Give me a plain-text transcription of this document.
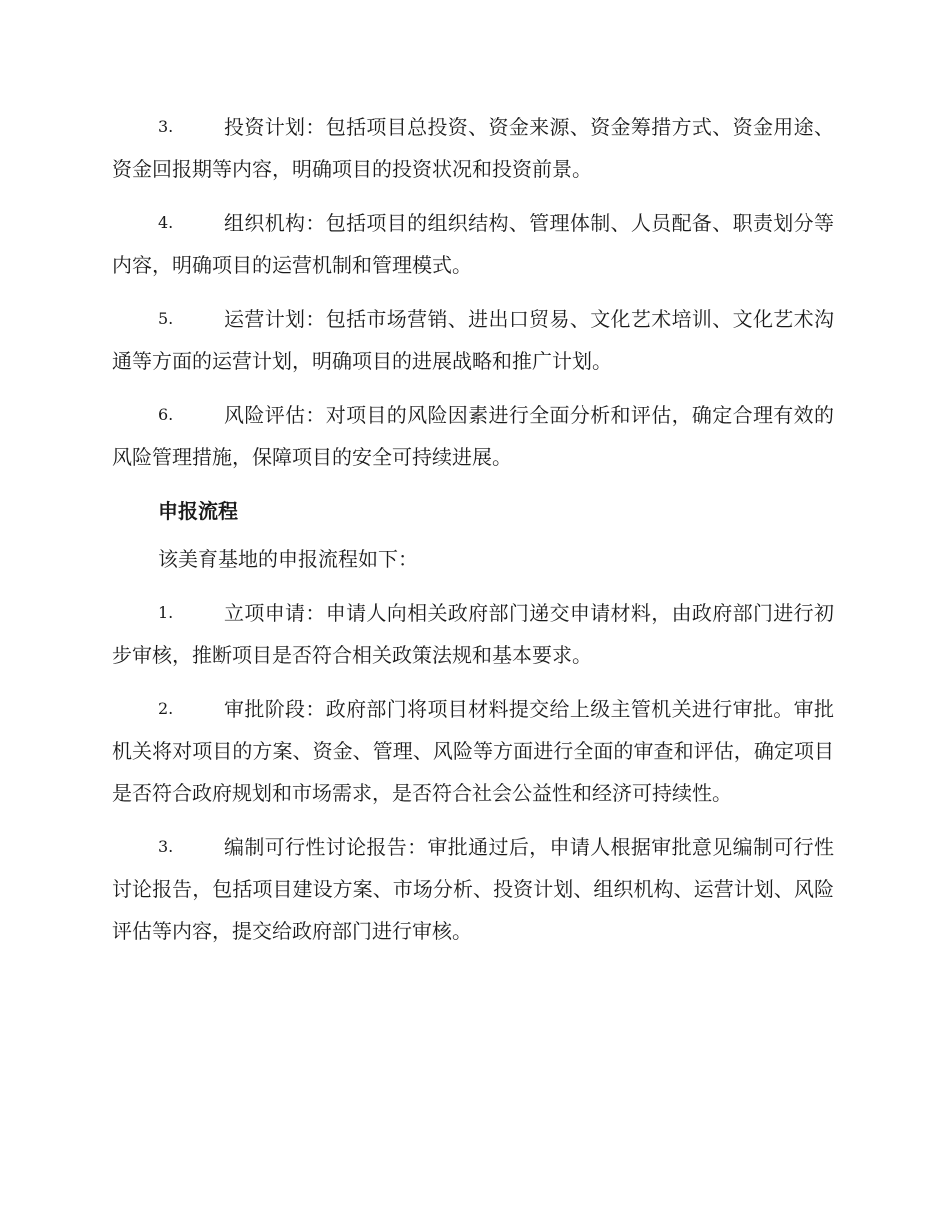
3.	投资计划：包括项目总投资、资金来源、资金筹措方式、资金用途、资金回报期等内容，明确项目的投资状况和投资前景。
4.	组织机构：包括项目的组织结构、管理体制、人员配备、职责划分等内容，明确项目的运营机制和管理模式。
5.	运营计划：包括市场营销、进出口贸易、文化艺术培训、文化艺术沟通等方面的运营计划，明确项目的进展战略和推广计划。
6.	风险评估：对项目的风险因素进行全面分析和评估，确定合理有效的风险管理措施，保障项目的安全可持续进展。
申报流程
该美育基地的申报流程如下：
1.	立项申请：申请人向相关政府部门递交申请材料，由政府部门进行初步审核，推断项目是否符合相关政策法规和基本要求。
2.	审批阶段：政府部门将项目材料提交给上级主管机关进行审批。审批机关将对项目的方案、资金、管理、风险等方面进行全面的审查和评估，确定项目是否符合政府规划和市场需求，是否符合社会公益性和经济可持续性。
3.	编制可行性讨论报告：审批通过后，申请人根据审批意见编制可行性讨论报告，包括项目建设方案、市场分析、投资计划、组织机构、运营计划、风险评估等内容，提交给政府部门进行审核。
